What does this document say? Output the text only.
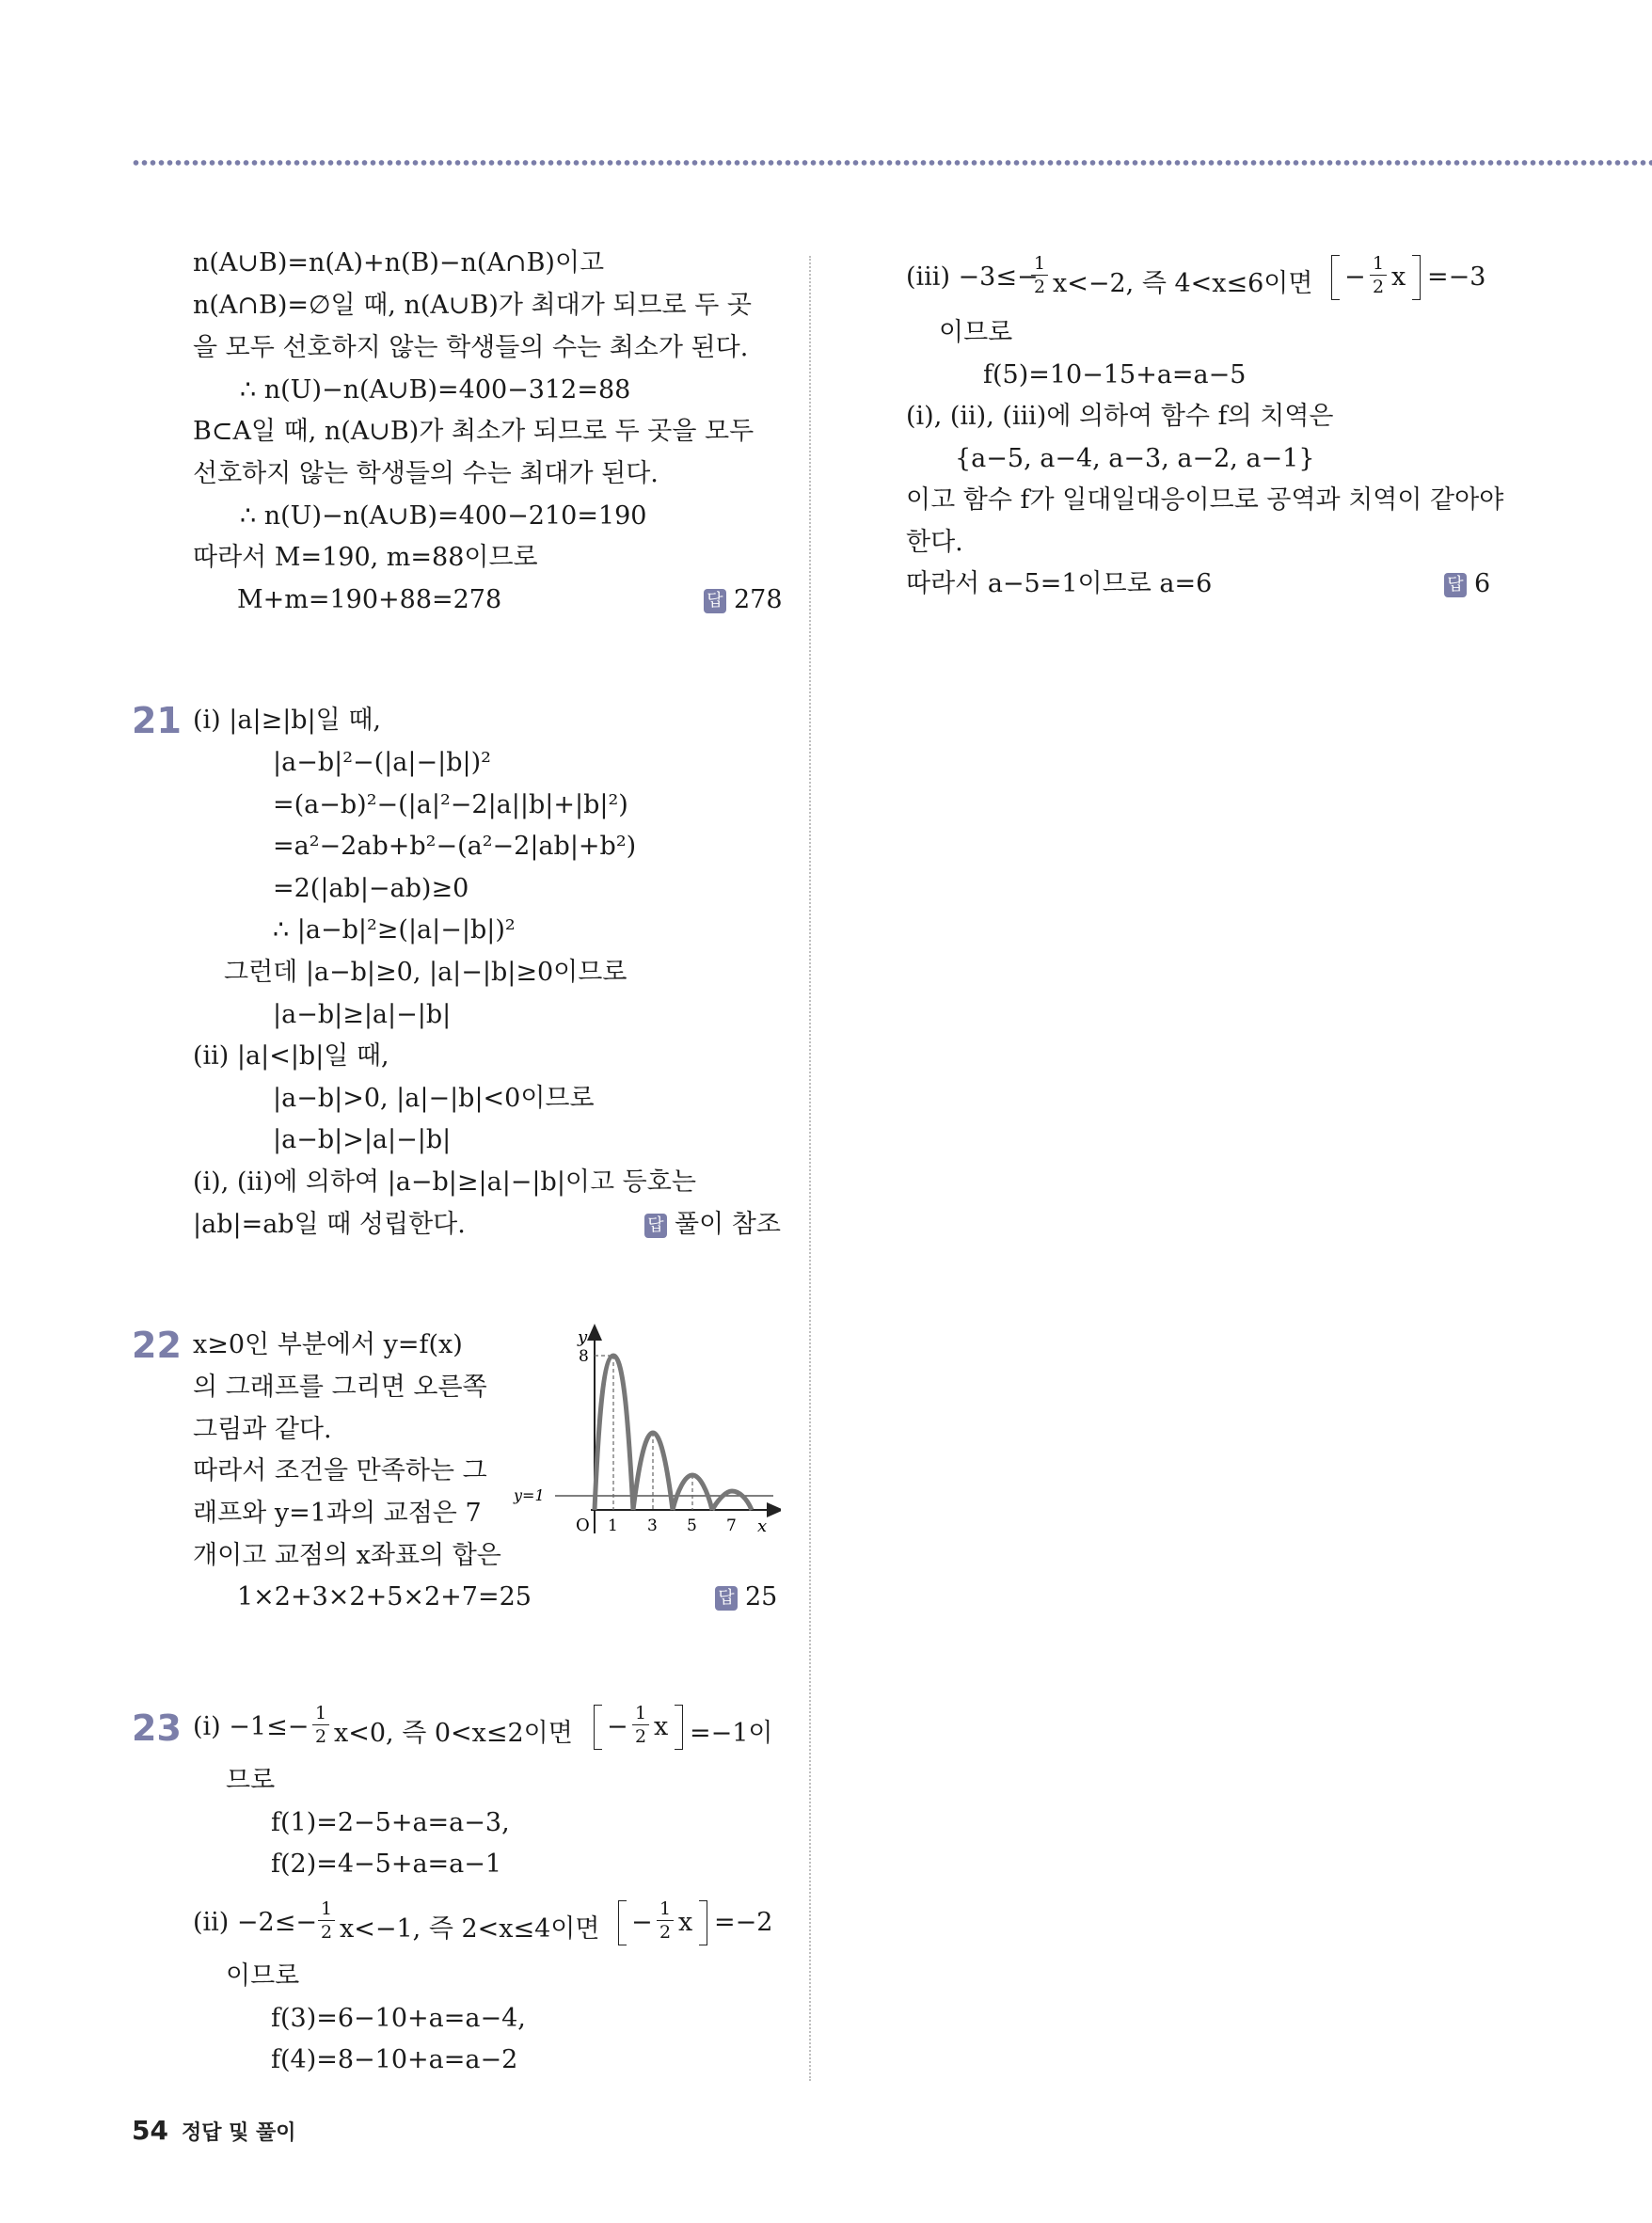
n(A∪B)=n(A)+n(B)−n(A∩B)이고
n(A∩B)=∅일 때, n(A∪B)가 최대가 되므로 두 곳
을 모두 선호하지 않는 학생들의 수는 최소가 된다.
∴ n(U)−n(A∪B)=400−312=88
B⊂A일 때, n(A∪B)가 최소가 되므로 두 곳을 모두
선호하지 않는 학생들의 수는 최대가 된다.
∴ n(U)−n(A∪B)=400−210=190
따라서 M=190, m=88이므로
M+m=190+88=278	답 278
21 (ⅰ) |a|≥|b|일 때,
|a−b|²−(|a|−|b|)²
=(a−b)²−(|a|²−2|a||b|+|b|²)
=a²−2ab+b²−(a²−2|ab|+b²)
=2(|ab|−ab)≥0
∴ |a−b|²≥(|a|−|b|)²
그런데 |a−b|≥0, |a|−|b|≥0이므로
|a−b|≥|a|−|b|
(ⅱ) |a|<|b|일 때,
|a−b|>0, |a|−|b|<0이므로
|a−b|>|a|−|b|
(ⅰ), (ⅱ)에 의하여 |a−b|≥|a|−|b|이고 등호는
|ab|=ab일 때 성립한다.	답 풀이 참조
22 x≥0인 부분에서 y=f(x)
의 그래프를 그리면 오른쪽
그림과 같다.
따라서 조건을 만족하는 그
래프와 y=1과의 교점은 7
개이고 교점의 x좌표의 합은
1×2+3×2+5×2+7=25	답 25
y
8
y=1
O 1 3 5 7 x
23 (ⅰ) −1≤− 1
2 x<0, 즉 0<x≤2이면 − 1
2 x =−1이
므로
f(1)=2−5+a=a−3,
f(2)=4−5+a=a−1
(ⅱ) −2≤− 1
2 x<−1, 즉 2<x≤4이면 − 1
2 x =−2
이므로
f(3)=6−10+a=a−4,
f(4)=8−10+a=a−2
(ⅲ) −3≤−
1
2 x<−2, 즉 4<x≤6이면 − 1
2 x =−3
이므로
f(5)=10−15+a=a−5
(ⅰ), (ⅱ), (ⅲ)에 의하여 함수 f의 치역은
{a−5, a−4, a−3, a−2, a−1}
이고 함수 f가 일대일대응이므로 공역과 치역이 같아야
한다.
따라서 a−5=1이므로 a=6	답 6
54 정답 및 풀이
